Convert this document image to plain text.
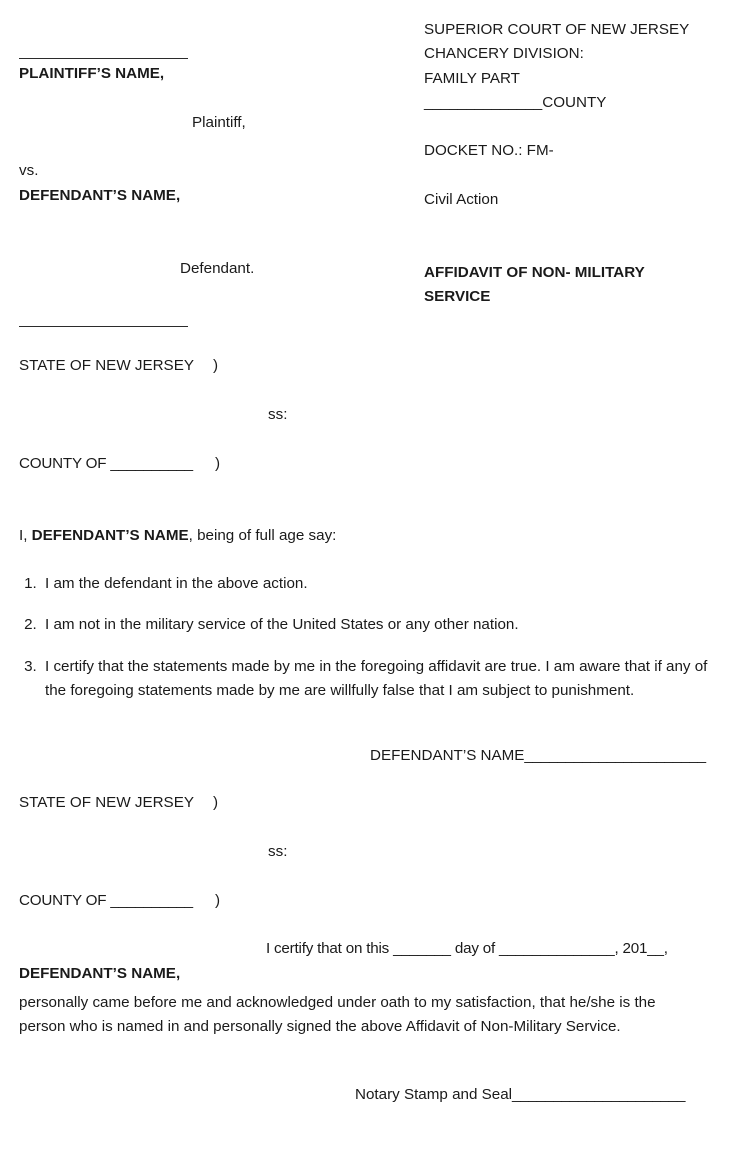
SUPERIOR COURT OF NEW JERSEY
CHANCERY DIVISION:
FAMILY PART
______________COUNTY
DOCKET NO.: FM-
Civil Action
AFFIDAVIT OF NON- MILITARY
SERVICE
PLAINTIFF’S NAME,
Plaintiff,
vs.
DEFENDANT’S NAME,
Defendant.
STATE OF NEW JERSEY )
ss:
COUNTY OF __________ )
I, DEFENDANT’S NAME, being of full age say:
1. I am the defendant in the above action.
2. I am not in the military service of the United States or any other nation.
3. I certify that the statements made by me in the foregoing affidavit are true. I am aware that if any of the foregoing statements made by me are willfully false that I am subject to punishment.
DEFENDANT’S NAME______________________
STATE OF NEW JERSEY )
ss:
COUNTY OF __________ )
I certify that on this _______ day of ______________, 201__,
DEFENDANT’S NAME,
personally came before me and acknowledged under oath to my satisfaction, that he/she is the person who is named in and personally signed the above Affidavit of Non-Military Service.
Notary Stamp and Seal_____________________
